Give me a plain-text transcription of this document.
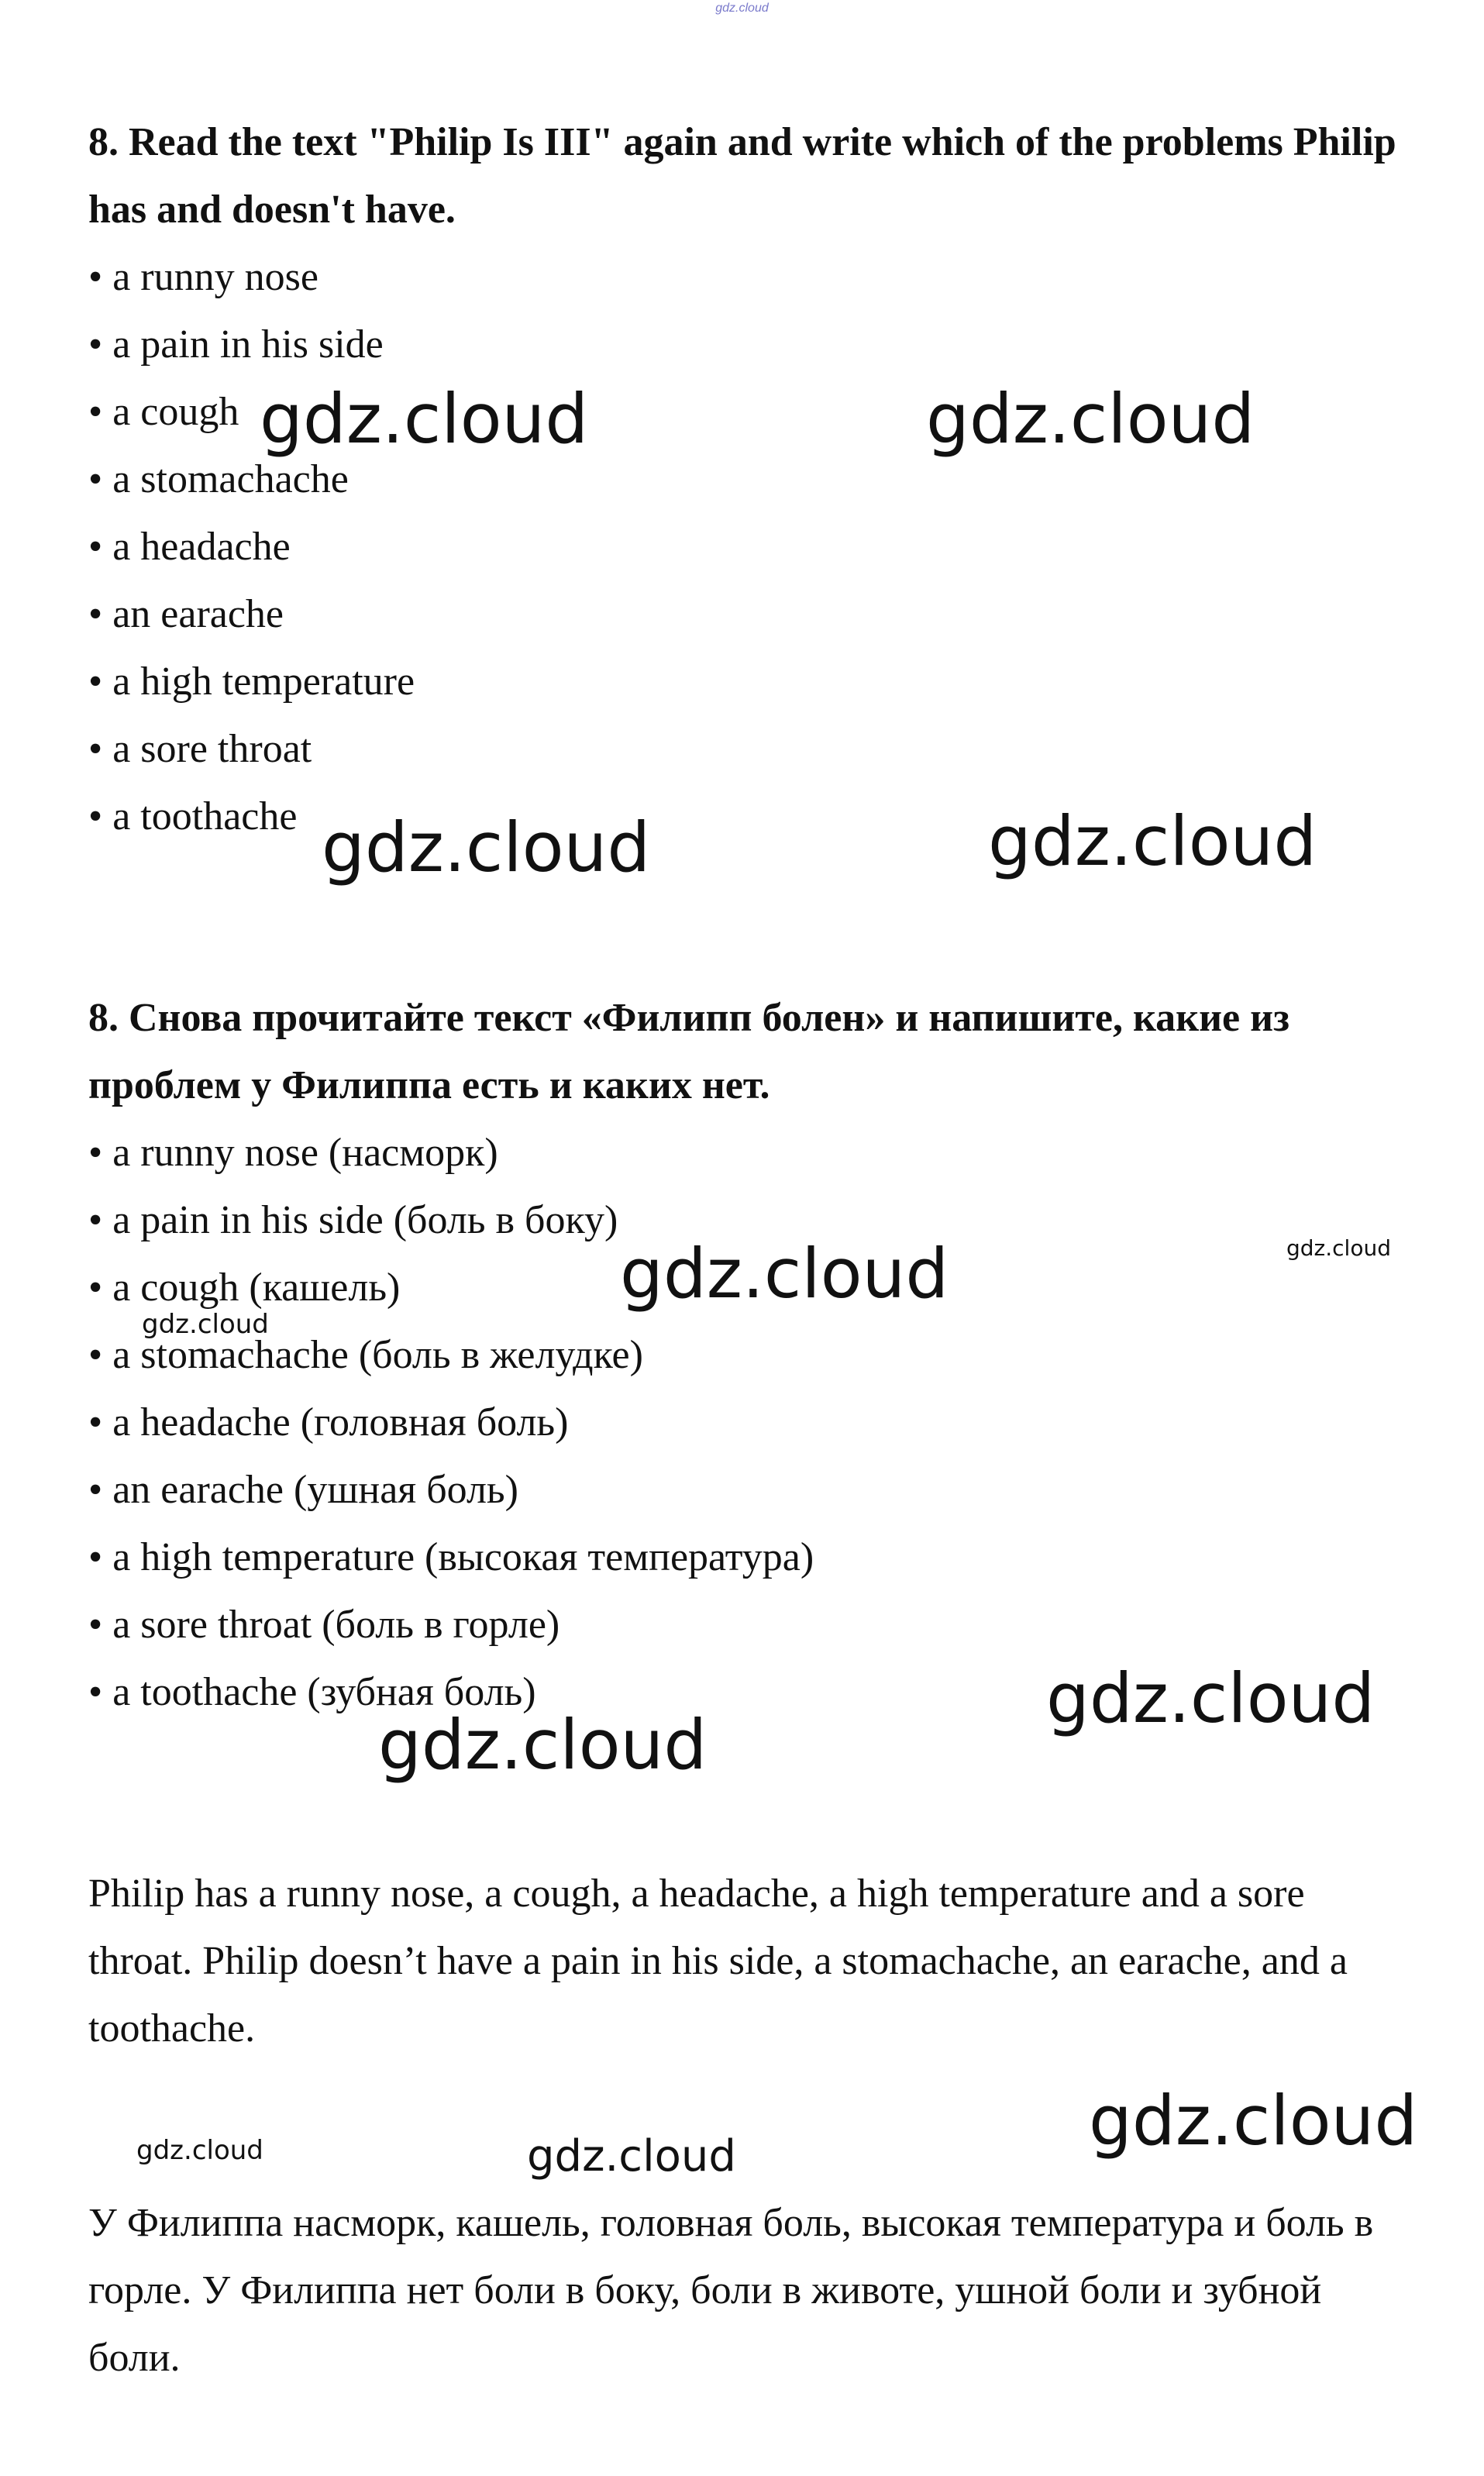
gdz.cloud

8. Read the text "Philip Is III" again and write which of the problems Philip has and doesn't have.

• a runny nose
• a pain in his side
• a cough
• a stomachache
• a headache
• an earache
• a high temperature
• a sore throat
• a toothache

8. Снова прочитайте текст «Филипп болен» и напишите, какие из проблем у Филиппа есть и каких нет.

• a runny nose (насморк)
• a pain in his side (боль в боку)
• a cough (кашель)
• a stomachache (боль в желудке)
• a headache (головная боль)
• an earache (ушная боль)
• a high temperature (высокая температура)
• a sore throat (боль в горле)
• a toothache (зубная боль)

Philip has a runny nose, a cough, a headache, a high temperature and a sore throat. Philip doesn’t have a pain in his side, a stomachache, an earache, and a toothache.

У Филиппа насморк, кашель, головная боль, высокая температура и боль в горле. У Филиппа нет боли в боку, боли в животе, ушной боли и зубной боли.

gdz.cloud	gdz.cloud
gdz.cloud	gdz.cloud
gdz.cloud
gdz.cloud
gdz.cloud
gdz.cloud
gdz.cloud
gdz.cloud	gdz.cloud	gdz.cloud
